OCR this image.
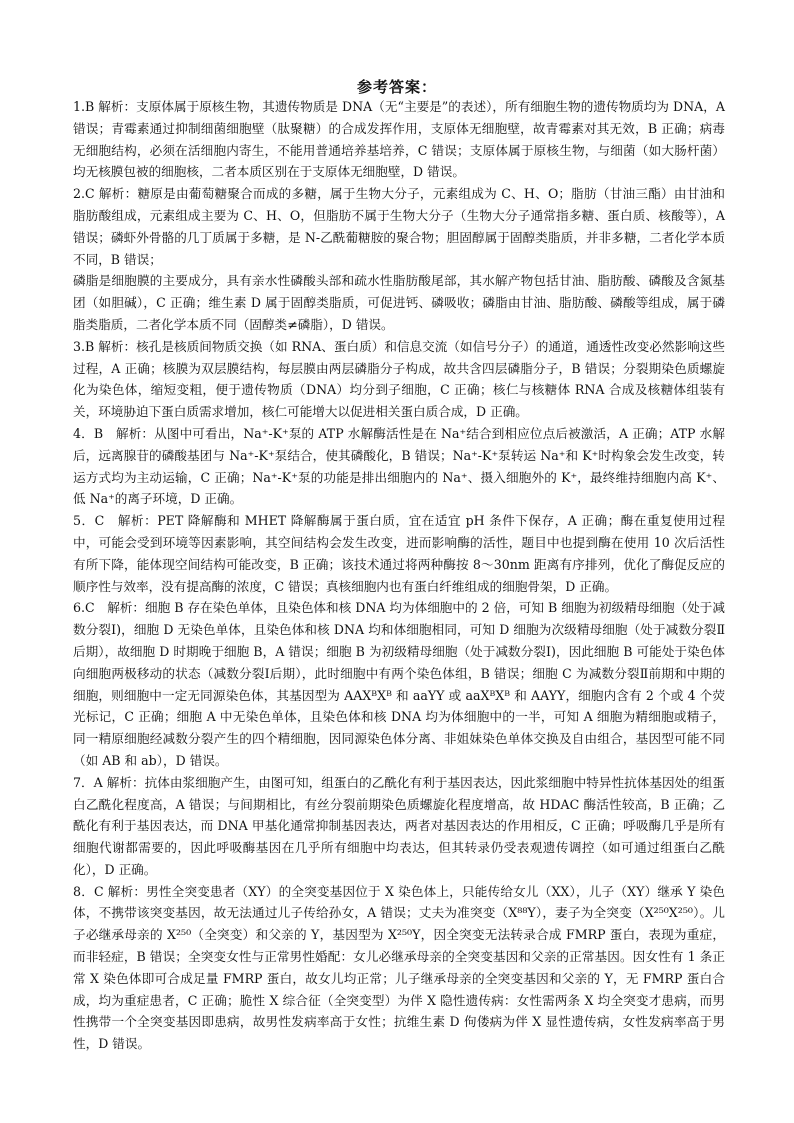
参考答案：

1.B 解析：支原体属于原核生物，其遗传物质是 DNA（无“主要是”的表述），所有细胞生物的遗传物质均为 DNA，A 错误；青霉素通过抑制细菌细胞壁（肽聚糖）的合成发挥作用，支原体无细胞壁，故青霉素对其无效，B 正确；病毒无细胞结构，必须在活细胞内寄生，不能用普通培养基培养，C 错误；支原体属于原核生物，与细菌（如大肠杆菌）均无核膜包被的细胞核，二者本质区别在于支原体无细胞壁，D 错误。

2.C 解析：糖原是由葡萄糖聚合而成的多糖，属于生物大分子，元素组成为 C、H、O；脂肪（甘油三酯）由甘油和脂肪酸组成，元素组成主要为 C、H、O，但脂肪不属于生物大分子（生物大分子通常指多糖、蛋白质、核酸等），A 错误；磷虾外骨骼的几丁质属于多糖，是 N-乙酰葡糖胺的聚合物；胆固醇属于固醇类脂质，并非多糖，二者化学本质不同，B 错误；

磷脂是细胞膜的主要成分，具有亲水性磷酸头部和疏水性脂肪酸尾部，其水解产物包括甘油、脂肪酸、磷酸及含氮基团（如胆碱），C 正确；维生素 D 属于固醇类脂质，可促进钙、磷吸收；磷脂由甘油、脂肪酸、磷酸等组成，属于磷脂类脂质，二者化学本质不同（固醇类≠磷脂），D 错误。

3.B 解析：核孔是核质间物质交换（如 RNA、蛋白质）和信息交流（如信号分子）的通道，通透性改变必然影响这些过程，A 正确；核膜为双层膜结构，每层膜由两层磷脂分子构成，故共含四层磷脂分子，B 错误；分裂期染色质螺旋化为染色体，缩短变粗，便于遗传物质（DNA）均分到子细胞，C 正确；核仁与核糖体 RNA 合成及核糖体组装有关，环境胁迫下蛋白质需求增加，核仁可能增大以促进相关蛋白质合成，D 正确。

4．B　解析：从图中可看出，Na⁺-K⁺泵的 ATP 水解酶活性是在 Na⁺结合到相应位点后被激活，A 正确；ATP 水解后，远离腺苷的磷酸基团与 Na⁺-K⁺泵结合，使其磷酸化，B 错误；Na⁺-K⁺泵转运 Na⁺和 K⁺时构象会发生改变，转运方式均为主动运输，C 正确；Na⁺-K⁺泵的功能是排出细胞内的 Na⁺、摄入细胞外的 K⁺，最终维持细胞内高 K⁺、低 Na⁺的离子环境，D 正确。

5．C　解析：PET 降解酶和 MHET 降解酶属于蛋白质，宜在适宜 pH 条件下保存，A 正确；酶在重复使用过程中，可能会受到环境等因素影响，其空间结构会发生改变，进而影响酶的活性，题目中也提到酶在使用 10 次后活性有所下降，能体现空间结构可能改变，B 正确；该技术通过将两种酶按 8～30nm 距离有序排列，优化了酶促反应的顺序性与效率，没有提高酶的浓度，C 错误；真核细胞内也有蛋白纤维组成的细胞骨架，D 正确。

6.C　解析：细胞 B 存在染色单体，且染色体和核 DNA 均为体细胞中的 2 倍，可知 B 细胞为初级精母细胞（处于减数分裂Ⅰ)，细胞 D 无染色单体，且染色体和核 DNA 均和体细胞相同，可知 D 细胞为次级精母细胞（处于减数分裂Ⅱ后期），故细胞 D 时期晚于细胞 B，A 错误；细胞 B 为初级精母细胞（处于减数分裂Ⅰ)，因此细胞 B 可能处于染色体向细胞两极移动的状态（减数分裂Ⅰ后期），此时细胞中有两个染色体组，B 错误；细胞 C 为减数分裂Ⅱ前期和中期的细胞，则细胞中一定无同源染色体，其基因型为 AAXᴮXᴮ 和 aaYY 或 aaXᴮXᴮ 和 AAYY，细胞内含有 2 个或 4 个荧光标记，C 正确；细胞 A 中无染色单体，且染色体和核 DNA 均为体细胞中的一半，可知 A 细胞为精细胞或精子，同一精原细胞经减数分裂产生的四个精细胞，因同源染色体分离、非姐妹染色单体交换及自由组合，基因型可能不同（如 AB 和 ab），D 错误。

7．A 解析：抗体由浆细胞产生，由图可知，组蛋白的乙酰化有利于基因表达，因此浆细胞中特异性抗体基因处的组蛋白乙酰化程度高，A 错误；与间期相比，有丝分裂前期染色质螺旋化程度增高，故 HDAC 酶活性较高，B 正确；乙酰化有利于基因表达，而 DNA 甲基化通常抑制基因表达，两者对基因表达的作用相反，C 正确；呼吸酶几乎是所有细胞代谢都需要的，因此呼吸酶基因在几乎所有细胞中均表达，但其转录仍受表观遗传调控（如可通过组蛋白乙酰化），D 正确。

8．C 解析：男性全突变患者（XY）的全突变基因位于 X 染色体上，只能传给女儿（XX），儿子（XY）继承 Y 染色体，不携带该突变基因，故无法通过儿子传给孙女，A 错误；丈夫为准突变（X⁸⁸Y），妻子为全突变（X²⁵⁰X²⁵⁰）。儿子必继承母亲的 X²⁵⁰（全突变）和父亲的 Y，基因型为 X²⁵⁰Y，因全突变无法转录合成 FMRP 蛋白，表现为重症，而非轻症，B 错误；全突变女性与正常男性婚配：女儿必继承母亲的全突变基因和父亲的正常基因。因女性有 1 条正常 X 染色体即可合成足量 FMRP 蛋白，故女儿均正常；儿子继承母亲的全突变基因和父亲的 Y，无 FMRP 蛋白合成，均为重症患者，C 正确；脆性 X 综合征（全突变型）为伴 X 隐性遗传病：女性需两条 X 均全突变才患病，而男性携带一个全突变基因即患病，故男性发病率高于女性；抗维生素 D 佝偻病为伴 X 显性遗传病，女性发病率高于男性，D 错误。
